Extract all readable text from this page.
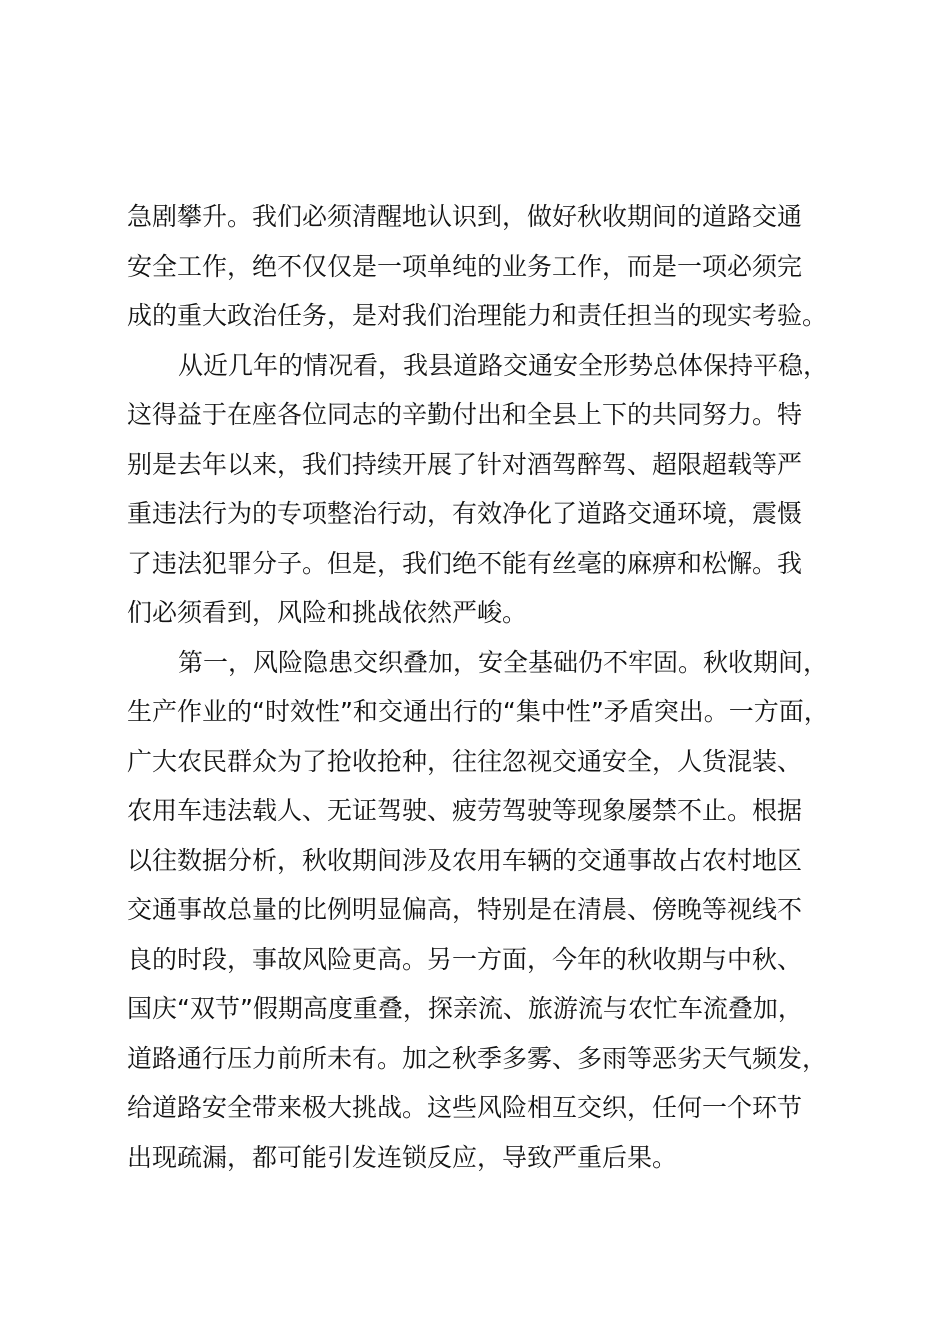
急剧攀升。我们必须清醒地认识到，做好秋收期间的道路交通
安全工作，绝不仅仅是一项单纯的业务工作，而是一项必须完
成的重大政治任务，是对我们治理能力和责任担当的现实考验。
从近几年的情况看，我县道路交通安全形势总体保持平稳，
这得益于在座各位同志的辛勤付出和全县上下的共同努力。特
别是去年以来，我们持续开展了针对酒驾醉驾、超限超载等严
重违法行为的专项整治行动，有效净化了道路交通环境，震慑
了违法犯罪分子。但是，我们绝不能有丝毫的麻痹和松懈。我
们必须看到，风险和挑战依然严峻。
第一，风险隐患交织叠加，安全基础仍不牢固。秋收期间，
生产作业的“时效性”和交通出行的“集中性”矛盾突出。一方面，
广大农民群众为了抢收抢种，往往忽视交通安全，人货混装、
农用车违法载人、无证驾驶、疲劳驾驶等现象屡禁不止。根据
以往数据分析，秋收期间涉及农用车辆的交通事故占农村地区
交通事故总量的比例明显偏高，特别是在清晨、傍晚等视线不
良的时段，事故风险更高。另一方面，今年的秋收期与中秋、
国庆“双节”假期高度重叠，探亲流、旅游流与农忙车流叠加，
道路通行压力前所未有。加之秋季多雾、多雨等恶劣天气频发，
给道路安全带来极大挑战。这些风险相互交织，任何一个环节
出现疏漏，都可能引发连锁反应，导致严重后果。
